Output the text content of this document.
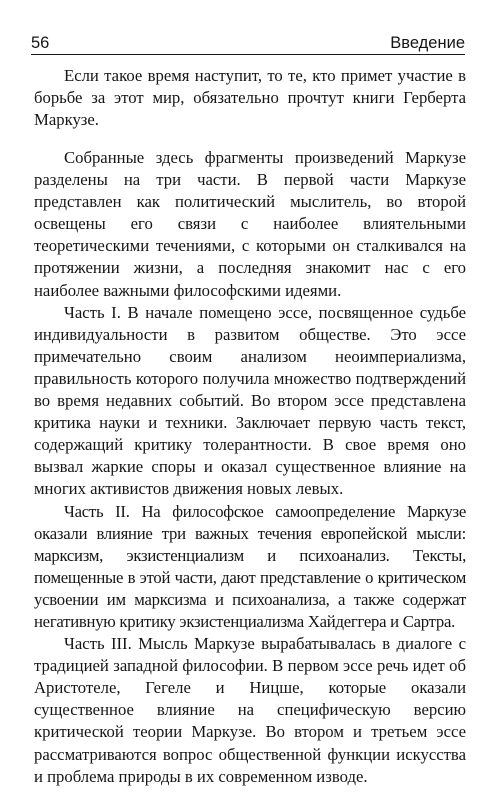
56	Введение

Если такое время наступит, то те, кто примет участие в борьбе за этот мир, обязательно прочтут книги Герберта Маркузе.

Собранные здесь фрагменты произведений Маркузе разделены на три части. В первой части Маркузе представлен как политический мыслитель, во второй освещены его связи с наиболее влиятельными теоретическими течениями, с которыми он сталкивался на протяжении жизни, а последняя знакомит нас с его наиболее важными философскими идеями.

Часть I. В начале помещено эссе, посвященное судьбе индивидуальности в развитом обществе. Это эссе примечательно своим анализом неоимпериализма, правильность которого получила множество подтверждений во время недавних событий. Во втором эссе представлена критика науки и техники. Заключает первую часть текст, содержащий критику толерантности. В свое время оно вызвал жаркие споры и оказал существенное влияние на многих активистов движения новых левых.

Часть II. На философское самоопределение Маркузе оказали влияние три важных течения европейской мысли: марксизм, экзистенциализм и психоанализ. Тексты, помещенные в этой части, дают представление о критическом усвоении им марксизма и психоанализа, а также содержат негативную критику экзистенциализма Хайдеггера и Сартра.

Часть III. Мысль Маркузе вырабатывалась в диалоге с традицией западной философии. В первом эссе речь идет об Аристотеле, Гегеле и Ницше, которые оказали существенное влияние на специфическую версию критической теории Маркузе. Во втором и третьем эссе рассматриваются вопрос общественной функции искусства и проблема природы в их современном изводе.
